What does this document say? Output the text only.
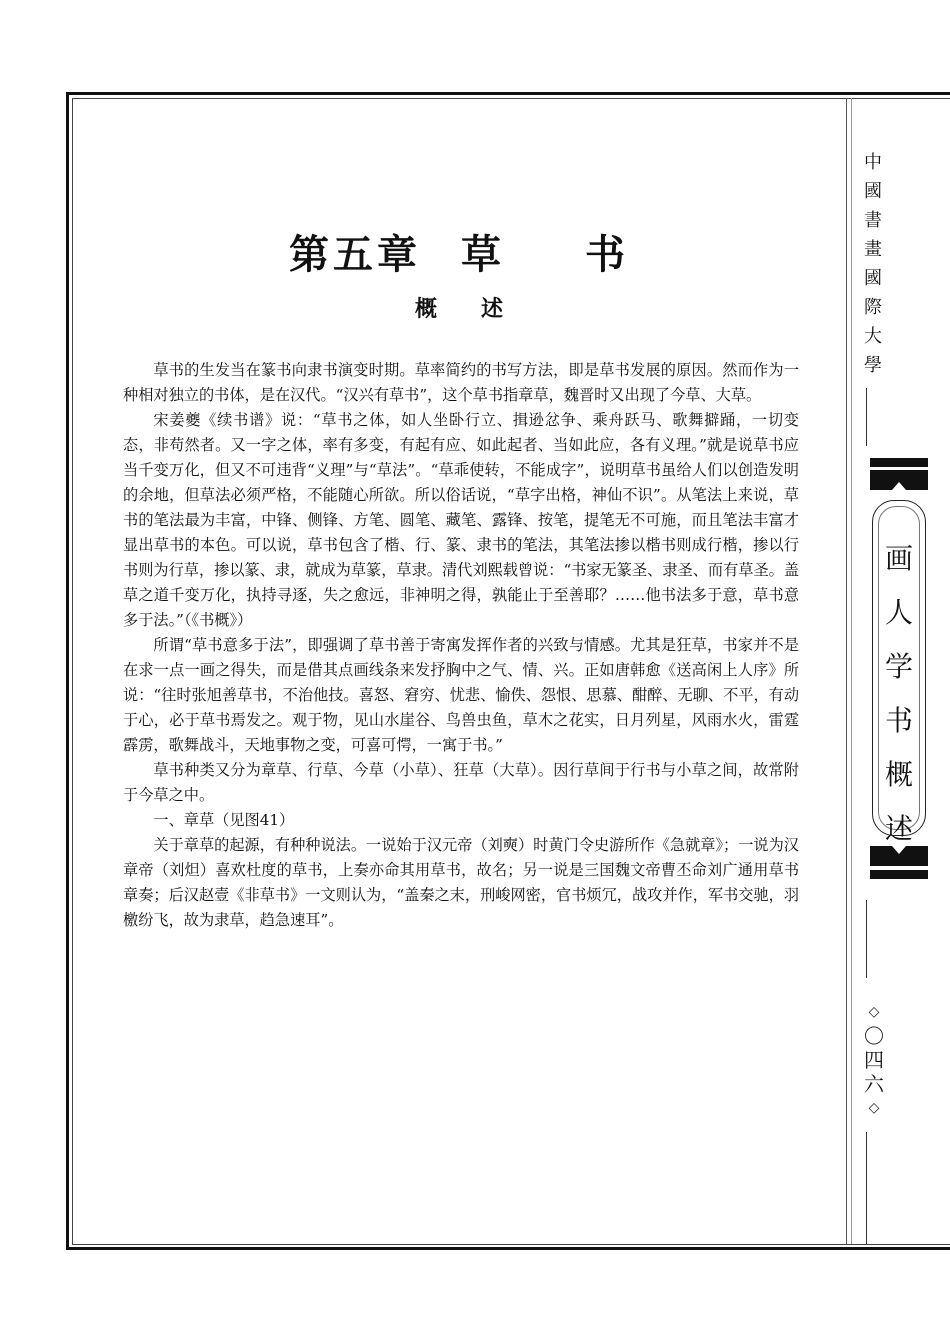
第五章 草 书
概述

草书的生发当在篆书向隶书演变时期。草率简约的书写方法，即是草书发展的原因。然而作为一种相对独立的书体，是在汉代。“汉兴有草书”，这个草书指章草，魏晋时又出现了今草、大草。

宋姜夔《续书谱》说：“草书之体，如人坐卧行立、揖逊忿争、乘舟跃马、歌舞擗踊，一切变态，非苟然者。又一字之体，率有多变，有起有应、如此起者、当如此应，各有义理。”就是说草书应当千变万化，但又不可违背“义理”与“草法”。“草乖使转，不能成字”，说明草书虽给人们以创造发明的余地，但草法必须严格，不能随心所欲。所以俗话说，“草字出格，神仙不识”。从笔法上来说，草书的笔法最为丰富，中锋、侧锋、方笔、圆笔、藏笔、露锋、按笔，提笔无不可施，而且笔法丰富才显出草书的本色。可以说，草书包含了楷、行、篆、隶书的笔法，其笔法掺以楷书则成行楷，掺以行书则为行草，掺以篆、隶，就成为草篆，草隶。清代刘熙载曾说：“书家无篆圣、隶圣、而有草圣。盖草之道千变万化，执持寻逐，失之愈远，非神明之得，孰能止于至善耶？……他书法多于意，草书意多于法。”（《书概》）

所谓“草书意多于法”，即强调了草书善于寄寓发挥作者的兴致与情感。尤其是狂草，书家并不是在求一点一画之得失，而是借其点画线条来发抒胸中之气、情、兴。正如唐韩愈《送高闲上人序》所说：“往时张旭善草书，不治他技。喜怒、窘穷、忧悲、愉佚、怨恨、思慕、酣醉、无聊、不平，有动于心，必于草书焉发之。观于物，见山水崖谷、鸟兽虫鱼，草木之花实，日月列星，风雨水火，雷霆霹雳，歌舞战斗，天地事物之变，可喜可愕，一寓于书。”

草书种类又分为章草、行草、今草（小草）、狂草（大草）。因行草间于行书与小草之间，故常附于今草之中。

一、章草（见图41）

关于章草的起源，有种种说法。一说始于汉元帝（刘奭）时黄门令史游所作《急就章》；一说为汉章帝（刘炟）喜欢杜度的草书，上奏亦命其用草书，故名；另一说是三国魏文帝曹丕命刘广通用草书章奏；后汉赵壹《非草书》一文则认为，“盖秦之末，刑峻网密，官书烦冗，战攻并作，军书交驰，羽檄纷飞，故为隶草，趋急速耳”。

中
國
書
畫
國
際
大
學
画
人
学
书
概
述
◇
〇
四
六
◇
